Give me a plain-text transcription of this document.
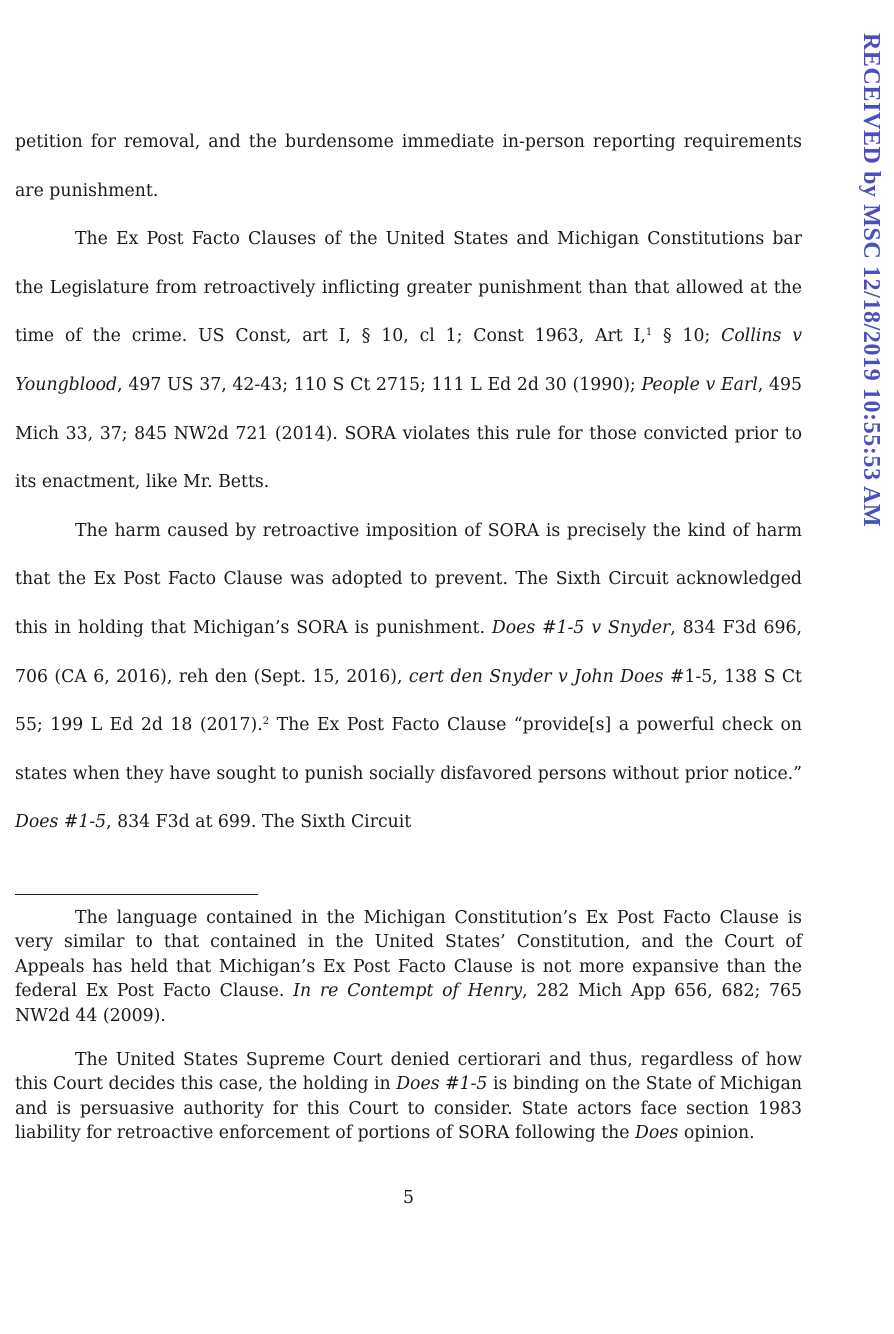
RECEIVED by MSC 12/18/2019 10:55:53 AM

petition for removal, and the burdensome immediate in-person reporting requirements are punishment.

The Ex Post Facto Clauses of the United States and Michigan Constitutions bar the Legislature from retroactively inflicting greater punishment than that allowed at the time of the crime. US Const, art I, § 10, cl 1; Const 1963, Art I,$^1$ § 10; Collins v Youngblood, 497 US 37, 42-43; 110 S Ct 2715; 111 L Ed 2d 30 (1990); People v Earl, 495 Mich 33, 37; 845 NW2d 721 (2014). SORA violates this rule for those convicted prior to its enactment, like Mr. Betts.

The harm caused by retroactive imposition of SORA is precisely the kind of harm that the Ex Post Facto Clause was adopted to prevent. The Sixth Circuit acknowledged this in holding that Michigan’s SORA is punishment. Does #1-5 v Snyder, 834 F3d 696, 706 (CA 6, 2016), reh den (Sept. 15, 2016), cert den Snyder v John Does #1-5, 138 S Ct 55; 199 L Ed 2d 18 (2017).$^2$ The Ex Post Facto Clause “provide[s] a powerful check on states when they have sought to punish socially disfavored persons without prior notice.” Does #1-5, 834 F3d at 699. The Sixth Circuit

The language contained in the Michigan Constitution’s Ex Post Facto Clause is very similar to that contained in the United States’ Constitution, and the Court of Appeals has held that Michigan’s Ex Post Facto Clause is not more expansive than the federal Ex Post Facto Clause. In re Contempt of Henry, 282 Mich App 656, 682; 765 NW2d 44 (2009).

The United States Supreme Court denied certiorari and thus, regardless of how this Court decides this case, the holding in Does #1-5 is binding on the State of Michigan and is persuasive authority for this Court to consider. State actors face section 1983 liability for retroactive enforcement of portions of SORA following the Does opinion.

5
